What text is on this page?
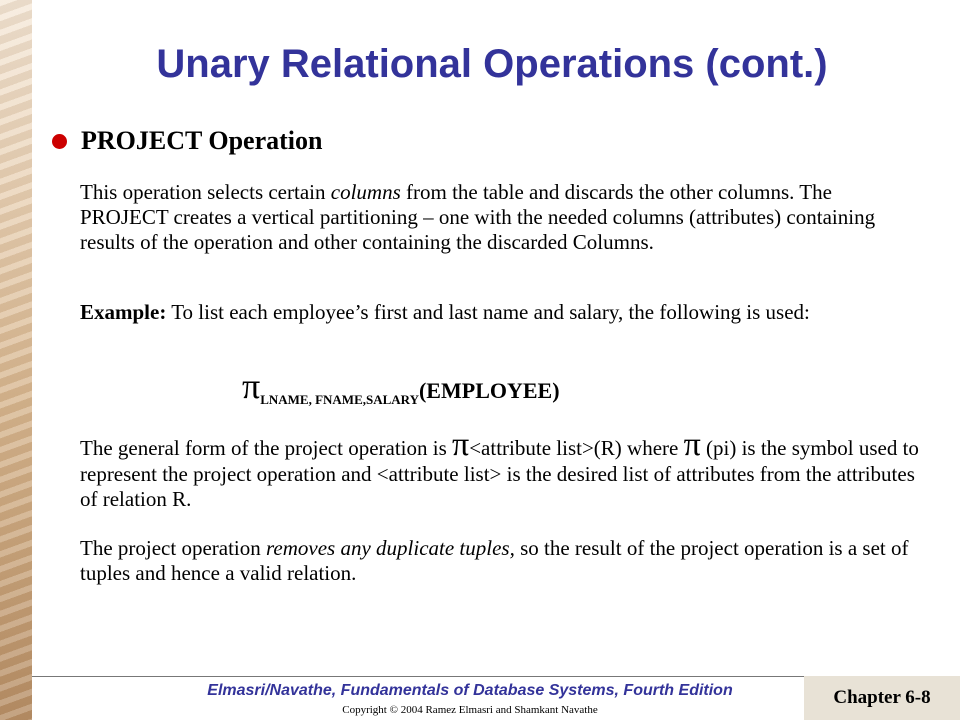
Unary Relational Operations (cont.)
PROJECT Operation

This operation selects certain columns from the table and discards the other columns. The PROJECT creates a vertical partitioning – one with the needed columns (attributes) containing results of the operation and other containing the discarded Columns.

Example: To list each employee’s first and last name and salary, the following is used:

$\pi_{LNAME, FNAME,SALARY}(EMPLOYEE)$

The general form of the project operation is π<attribute list>(R) where π (pi) is the symbol used to represent the project operation and <attribute list> is the desired list of attributes from the attributes of relation R.

The project operation removes any duplicate tuples, so the result of the project operation is a set of tuples and hence a valid relation.

Elmasri/Navathe, Fundamentals of Database Systems, Fourth Edition
Copyright © 2004 Ramez Elmasri and Shamkant Navathe
Chapter 6-8
